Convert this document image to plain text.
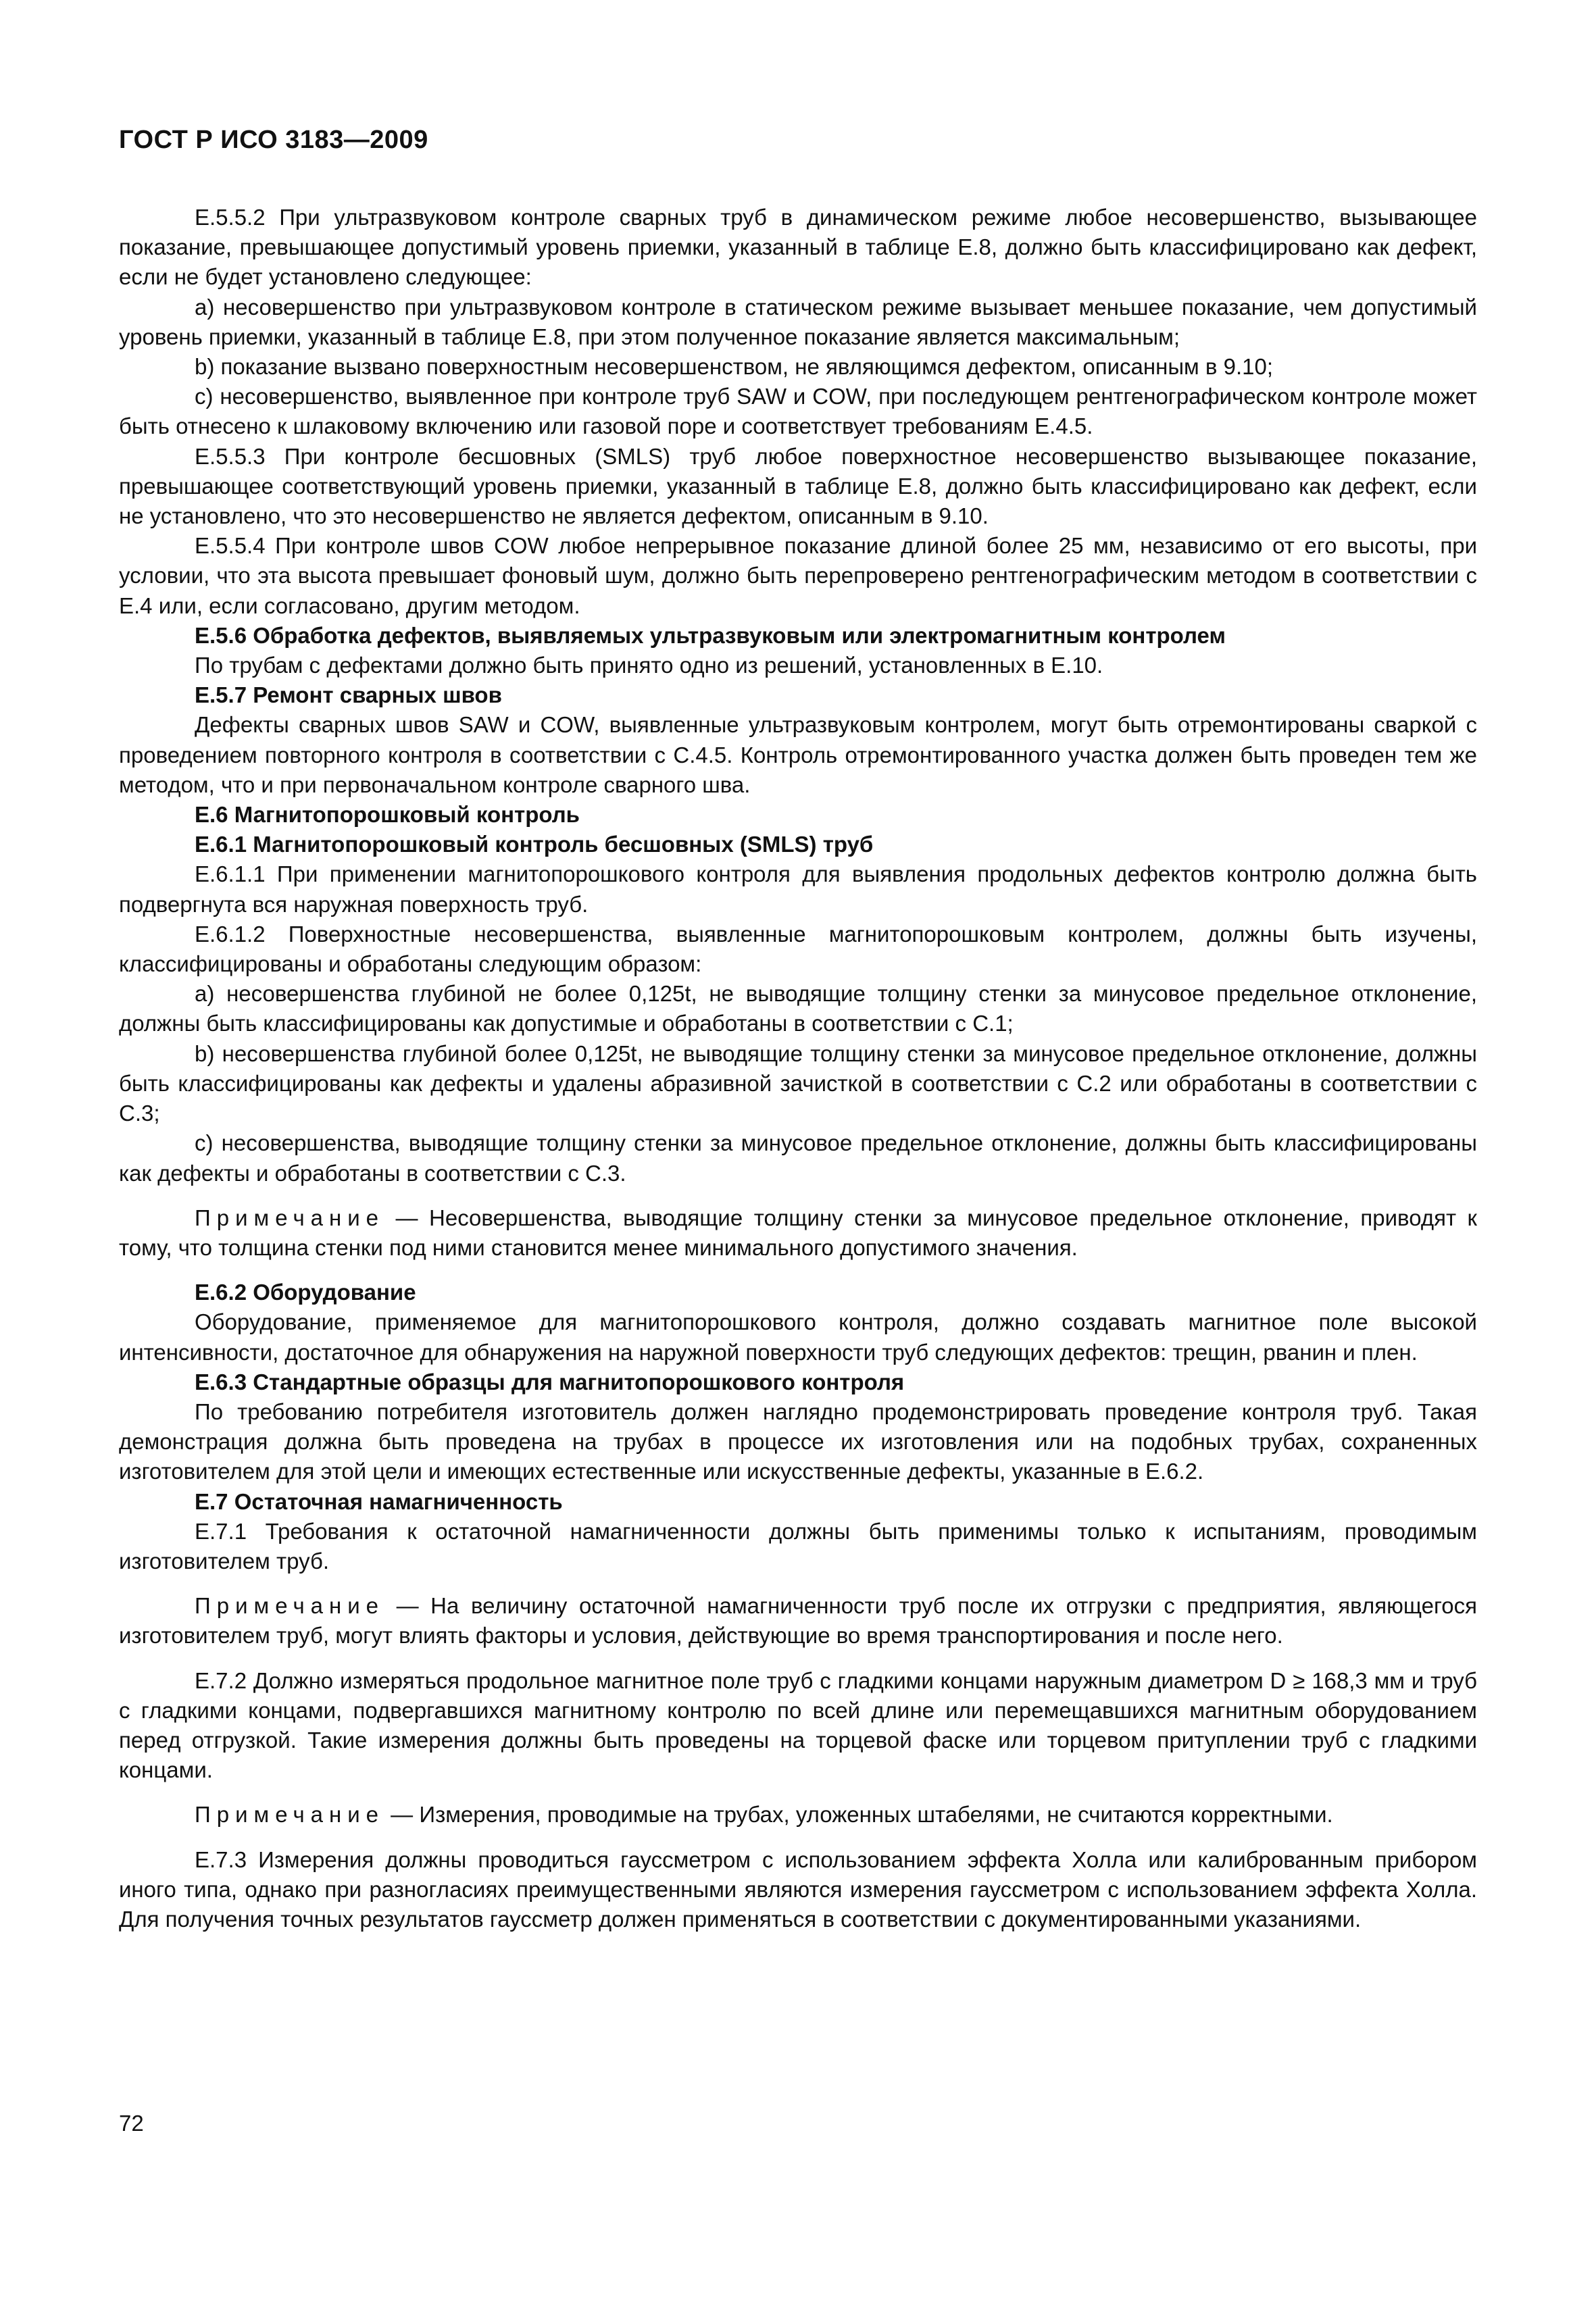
ГОСТ Р ИСО 3183—2009

Е.5.5.2 При ультразвуковом контроле сварных труб в динамическом режиме любое несовершенство, вызывающее показание, превышающее допустимый уровень приемки, указанный в таблице Е.8, должно быть классифицировано как дефект, если не будет установлено следующее:

a) несовершенство при ультразвуковом контроле в статическом режиме вызывает меньшее показание, чем допустимый уровень приемки, указанный в таблице Е.8, при этом полученное показание является максимальным;

b) показание вызвано поверхностным несовершенством, не являющимся дефектом, описанным в 9.10;

c) несовершенство, выявленное при контроле труб SAW и COW, при последующем рентгенографическом контроле может быть отнесено к шлаковому включению или газовой поре и соответствует требованиям Е.4.5.

Е.5.5.3 При контроле бесшовных (SMLS) труб любое поверхностное несовершенство вызывающее показание, превышающее соответствующий уровень приемки, указанный в таблице Е.8, должно быть классифицировано как дефект, если не установлено, что это несовершенство не является дефектом, описанным в 9.10.

Е.5.5.4 При контроле швов COW любое непрерывное показание длиной более 25 мм, независимо от его высоты, при условии, что эта высота превышает фоновый шум, должно быть перепроверено рентгенографическим методом в соответствии с Е.4 или, если согласовано, другим методом.

Е.5.6 Обработка дефектов, выявляемых ультразвуковым или электромагнитным контролем

По трубам с дефектами должно быть принято одно из решений, установленных в Е.10.

Е.5.7 Ремонт сварных швов

Дефекты сварных швов SAW и COW, выявленные ультразвуковым контролем, могут быть отремонтированы сваркой с проведением повторного контроля в соответствии с С.4.5. Контроль отремонтированного участка должен быть проведен тем же методом, что и при первоначальном контроле сварного шва.

Е.6 Магнитопорошковый контроль

Е.6.1 Магнитопорошковый контроль бесшовных (SMLS) труб

Е.6.1.1 При применении магнитопорошкового контроля для выявления продольных дефектов контролю должна быть подвергнута вся наружная поверхность труб.

Е.6.1.2 Поверхностные несовершенства, выявленные магнитопорошковым контролем, должны быть изучены, классифицированы и обработаны следующим образом:

a) несовершенства глубиной не более 0,125t, не выводящие толщину стенки за минусовое предельное отклонение, должны быть классифицированы как допустимые и обработаны в соответствии с С.1;

b) несовершенства глубиной более 0,125t, не выводящие толщину стенки за минусовое предельное отклонение, должны быть классифицированы как дефекты и удалены абразивной зачисткой в соответствии с С.2 или обработаны в соответствии с С.3;

c) несовершенства, выводящие толщину стенки за минусовое предельное отклонение, должны быть классифицированы как дефекты и обработаны в соответствии с С.3.

Примечание — Несовершенства, выводящие толщину стенки за минусовое предельное отклонение, приводят к тому, что толщина стенки под ними становится менее минимального допустимого значения.

Е.6.2 Оборудование

Оборудование, применяемое для магнитопорошкового контроля, должно создавать магнитное поле высокой интенсивности, достаточное для обнаружения на наружной поверхности труб следующих дефектов: трещин, рванин и плен.

Е.6.3 Стандартные образцы для магнитопорошкового контроля

По требованию потребителя изготовитель должен наглядно продемонстрировать проведение контроля труб. Такая демонстрация должна быть проведена на трубах в процессе их изготовления или на подобных трубах, сохраненных изготовителем для этой цели и имеющих естественные или искусственные дефекты, указанные в Е.6.2.

Е.7 Остаточная намагниченность

Е.7.1 Требования к остаточной намагниченности должны быть применимы только к испытаниям, проводимым изготовителем труб.

Примечание — На величину остаточной намагниченности труб после их отгрузки с предприятия, являющегося изготовителем труб, могут влиять факторы и условия, действующие во время транспортирования и после него.

Е.7.2 Должно измеряться продольное магнитное поле труб с гладкими концами наружным диаметром D ≥ 168,3 мм и труб с гладкими концами, подвергавшихся магнитному контролю по всей длине или перемещавшихся магнитным оборудованием перед отгрузкой. Такие измерения должны быть проведены на торцевой фаске или торцевом притуплении труб с гладкими концами.

Примечание — Измерения, проводимые на трубах, уложенных штабелями, не считаются корректными.

Е.7.3 Измерения должны проводиться гауссметром с использованием эффекта Холла или калиброванным прибором иного типа, однако при разногласиях преимущественными являются измерения гауссметром с использованием эффекта Холла. Для получения точных результатов гауссметр должен применяться в соответствии с документированными указаниями.

72
